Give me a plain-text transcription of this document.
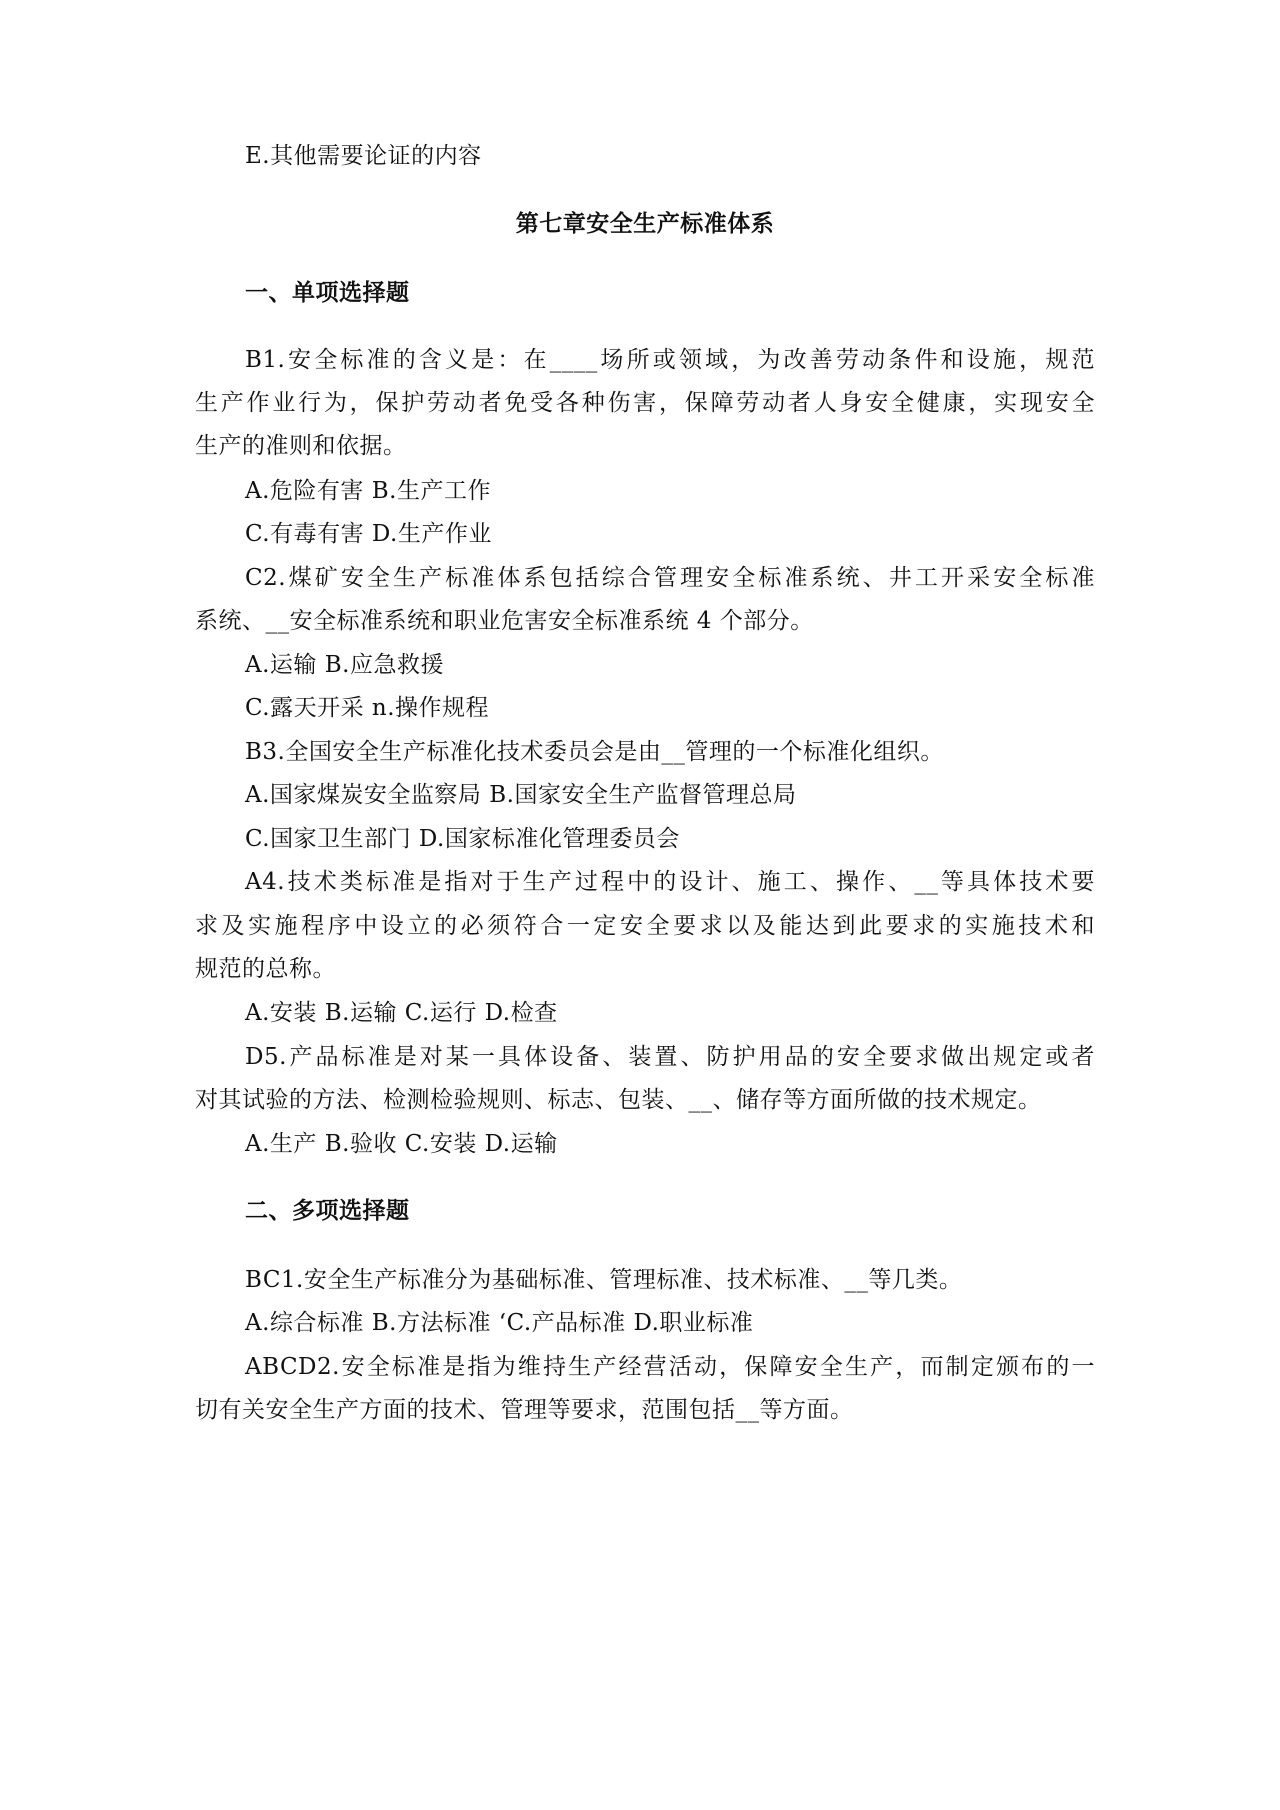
E.其他需要论证的内容
第七章安全生产标准体系
一、单项选择题
B1.安全标准的含义是：在____场所或领域，为改善劳动条件和设施，规范
生产作业行为，保护劳动者免受各种伤害，保障劳动者人身安全健康，实现安全
生产的准则和依据。
A.危险有害 B.生产工作
C.有毒有害 D.生产作业
C2.煤矿安全生产标准体系包括综合管理安全标准系统、井工开采安全标准
系统、__安全标准系统和职业危害安全标准系统 4 个部分。
A.运输 B.应急救援
C.露天开采 n.操作规程
B3.全国安全生产标准化技术委员会是由__管理的一个标准化组织。
A.国家煤炭安全监察局 B.国家安全生产监督管理总局
C.国家卫生部门 D.国家标准化管理委员会
A4.技术类标准是指对于生产过程中的设计、施工、操作、__等具体技术要
求及实施程序中设立的必须符合一定安全要求以及能达到此要求的实施技术和
规范的总称。
A.安装 B.运输 C.运行 D.检查
D5.产品标准是对某一具体设备、装置、防护用品的安全要求做出规定或者
对其试验的方法、检测检验规则、标志、包装、__、储存等方面所做的技术规定。
A.生产 B.验收 C.安装 D.运输
二、多项选择题
BC1.安全生产标准分为基础标准、管理标准、技术标准、__等几类。
A.综合标准 B.方法标准 ‘C.产品标准 D.职业标准
ABCD2.安全标准是指为维持生产经营活动，保障安全生产，而制定颁布的一
切有关安全生产方面的技术、管理等要求，范围包括__等方面。
